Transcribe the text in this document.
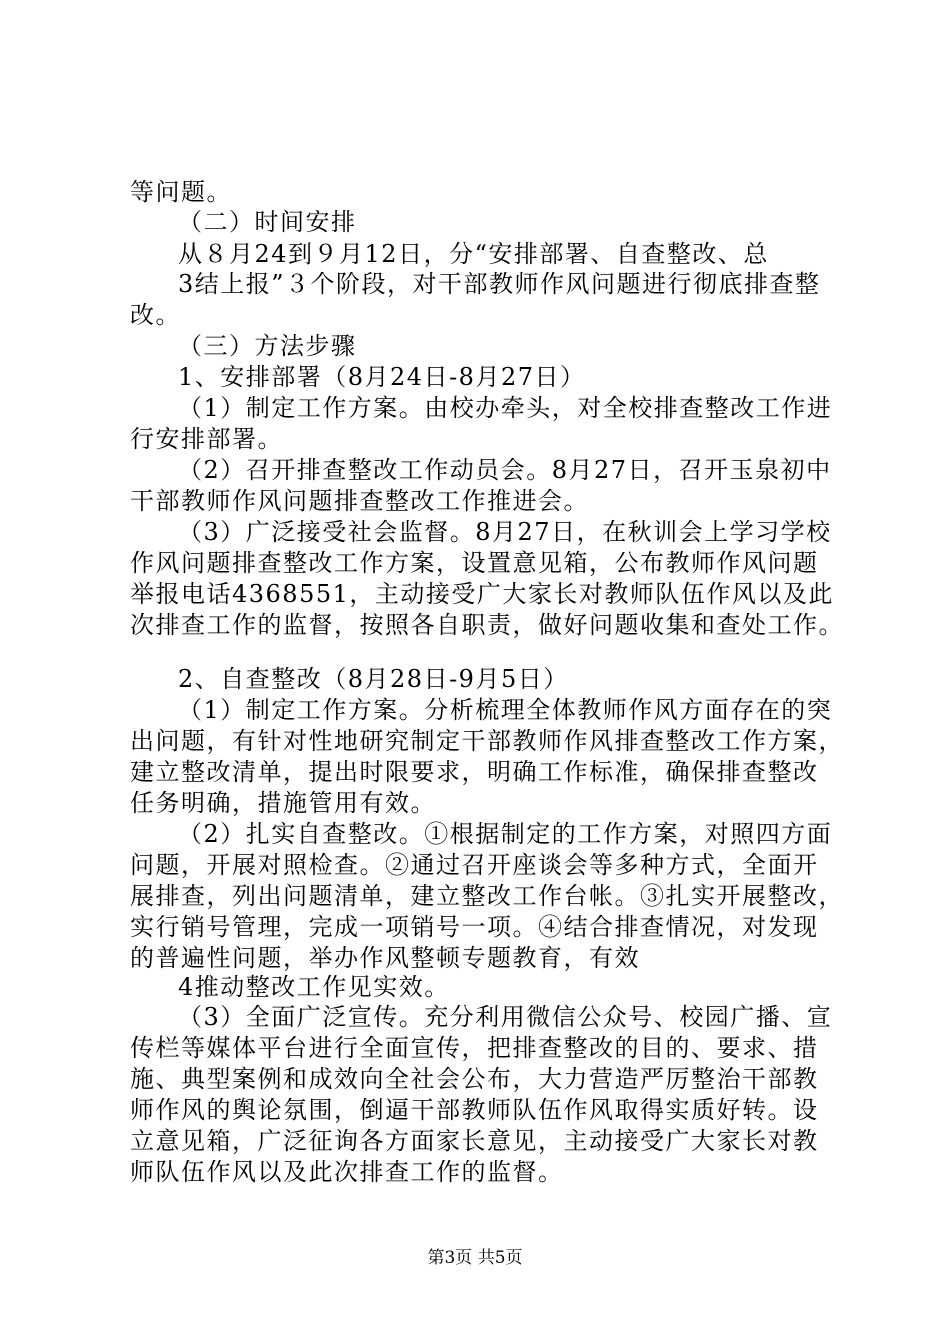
等问题。
（二）时间安排
从８月24到９月12日，分“安排部署、自查整改、总
3结上报”３个阶段，对干部教师作风问题进行彻底排查整
改。
（三）方法步骤
1、安排部署（8月24日-8月27日）
（1）制定工作方案。由校办牵头，对全校排查整改工作进
行安排部署。
（2）召开排查整改工作动员会。8月27日，召开玉泉初中
干部教师作风问题排查整改工作推进会。
（3）广泛接受社会监督。8月27日，在秋训会上学习学校
作风问题排查整改工作方案，设置意见箱，公布教师作风问题
举报电话4368551，主动接受广大家长对教师队伍作风以及此
次排查工作的监督，按照各自职责，做好问题收集和查处工作。
2、自查整改（8月28日-9月5日）
（1）制定工作方案。分析梳理全体教师作风方面存在的突
出问题，有针对性地研究制定干部教师作风排查整改工作方案，
建立整改清单，提出时限要求，明确工作标准，确保排查整改
任务明确，措施管用有效。
（2）扎实自查整改。①根据制定的工作方案，对照四方面
问题，开展对照检查。②通过召开座谈会等多种方式，全面开
展排查，列出问题清单，建立整改工作台帐。③扎实开展整改，
实行销号管理，完成一项销号一项。④结合排查情况，对发现
的普遍性问题，举办作风整顿专题教育，有效
4推动整改工作见实效。
（3）全面广泛宣传。充分利用微信公众号、校园广播、宣
传栏等媒体平台进行全面宣传，把排查整改的目的、要求、措
施、典型案例和成效向全社会公布，大力营造严厉整治干部教
师作风的舆论氛围，倒逼干部教师队伍作风取得实质好转。设
立意见箱，广泛征询各方面家长意见，主动接受广大家长对教
师队伍作风以及此次排查工作的监督。
第3页 共5页
